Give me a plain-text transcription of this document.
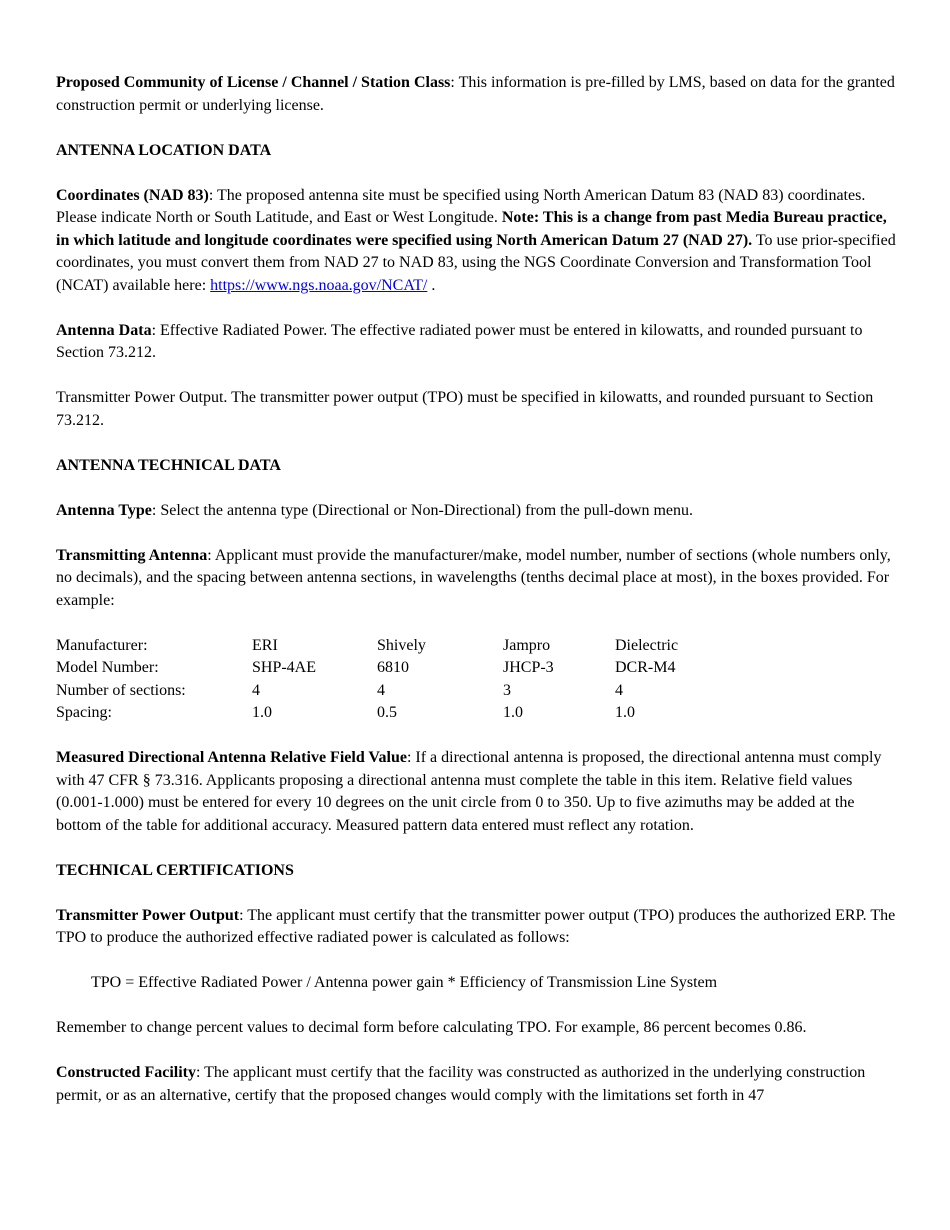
Proposed Community of License / Channel / Station Class: This information is pre-filled by LMS, based on data for the granted construction permit or underlying license.

ANTENNA LOCATION DATA

Coordinates (NAD 83): The proposed antenna site must be specified using North American Datum 83 (NAD 83) coordinates. Please indicate North or South Latitude, and East or West Longitude. Note: This is a change from past Media Bureau practice, in which latitude and longitude coordinates were specified using North American Datum 27 (NAD 27). To use prior-specified coordinates, you must convert them from NAD 27 to NAD 83, using the NGS Coordinate Conversion and Transformation Tool (NCAT) available here: https://www.ngs.noaa.gov/NCAT/ .

Antenna Data: Effective Radiated Power. The effective radiated power must be entered in kilowatts, and rounded pursuant to Section 73.212.

Transmitter Power Output. The transmitter power output (TPO) must be specified in kilowatts, and rounded pursuant to Section 73.212.

ANTENNA TECHNICAL DATA

Antenna Type: Select the antenna type (Directional or Non-Directional) from the pull-down menu.

Transmitting Antenna: Applicant must provide the manufacturer/make, model number, number of sections (whole numbers only, no decimals), and the spacing between antenna sections, in wavelengths (tenths decimal place at most), in the boxes provided. For example:

Manufacturer:	ERI	Shively	Jampro	Dielectric
Model Number:	SHP-4AE	6810	JHCP-3	DCR-M4
Number of sections:	4	4	3	4
Spacing:	1.0	0.5	1.0	1.0

Measured Directional Antenna Relative Field Value: If a directional antenna is proposed, the directional antenna must comply with 47 CFR § 73.316. Applicants proposing a directional antenna must complete the table in this item. Relative field values (0.001-1.000) must be entered for every 10 degrees on the unit circle from 0 to 350. Up to five azimuths may be added at the bottom of the table for additional accuracy. Measured pattern data entered must reflect any rotation.

TECHNICAL CERTIFICATIONS

Transmitter Power Output: The applicant must certify that the transmitter power output (TPO) produces the authorized ERP. The TPO to produce the authorized effective radiated power is calculated as follows:

TPO = Effective Radiated Power / Antenna power gain * Efficiency of Transmission Line System

Remember to change percent values to decimal form before calculating TPO. For example, 86 percent becomes 0.86.

Constructed Facility: The applicant must certify that the facility was constructed as authorized in the underlying construction permit, or as an alternative, certify that the proposed changes would comply with the limitations set forth in 47
